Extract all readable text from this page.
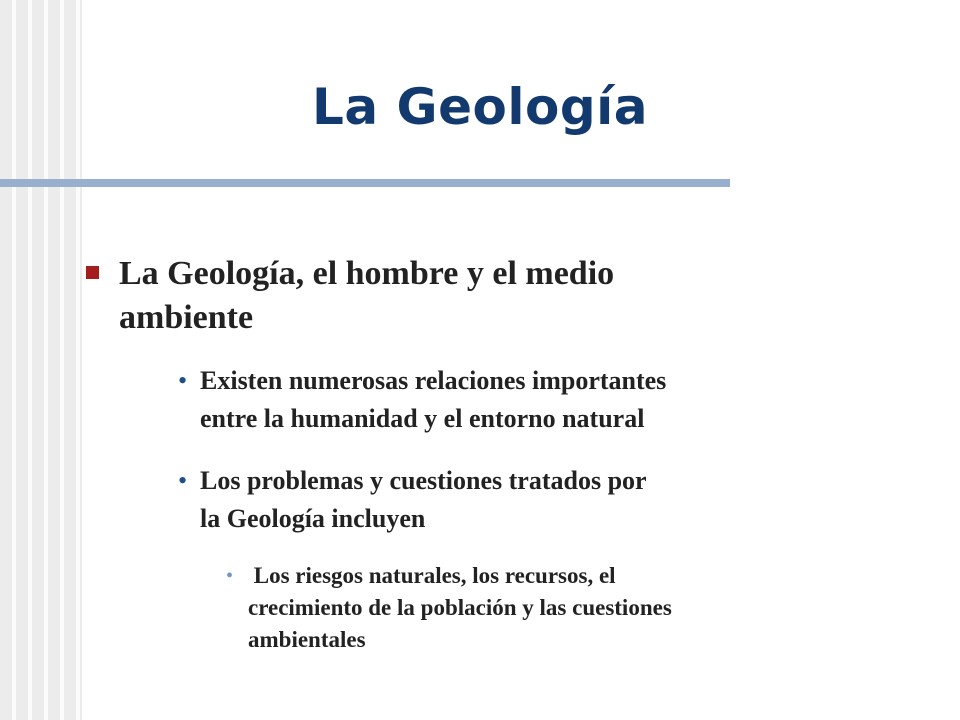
La Geología
La Geología, el hombre y el medio
ambiente
• Existen numerosas relaciones importantes
entre la humanidad y el entorno natural
• Los problemas y cuestiones tratados por
la Geología incluyen
• Los riesgos naturales, los recursos, el
crecimiento de la población y las cuestiones
ambientales
